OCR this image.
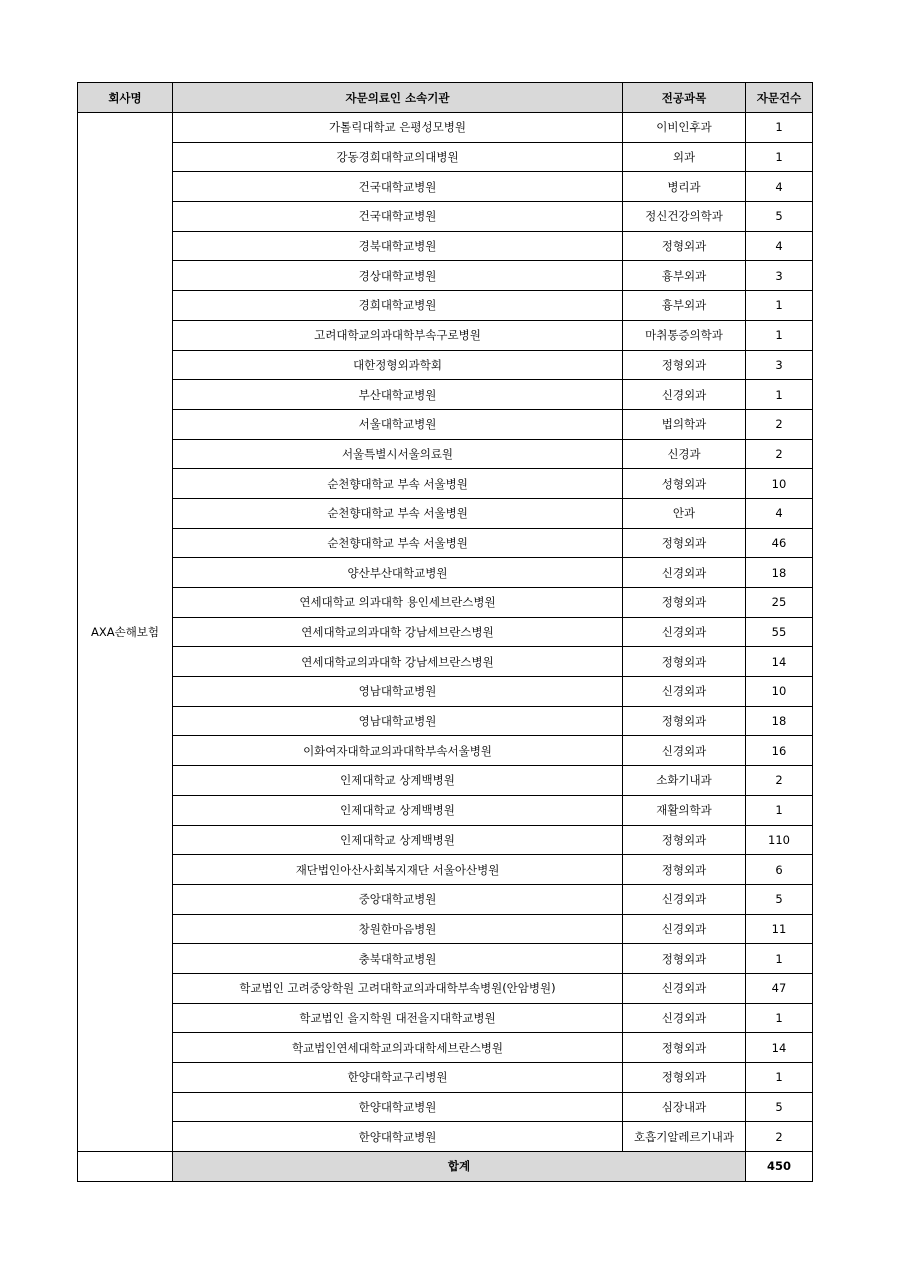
회사명	자문의료인 소속기관	전공과목	자문건수
AXA손해보험	가톨릭대학교 은평성모병원	이비인후과	1
	강동경희대학교의대병원	외과	1
	건국대학교병원	병리과	4
	건국대학교병원	정신건강의학과	5
	경북대학교병원	정형외과	4
	경상대학교병원	흉부외과	3
	경희대학교병원	흉부외과	1
	고려대학교의과대학부속구로병원	마취통증의학과	1
	대한정형외과학회	정형외과	3
	부산대학교병원	신경외과	1
	서울대학교병원	법의학과	2
	서울특별시서울의료원	신경과	2
	순천향대학교 부속 서울병원	성형외과	10
	순천향대학교 부속 서울병원	안과	4
	순천향대학교 부속 서울병원	정형외과	46
	양산부산대학교병원	신경외과	18
	연세대학교 의과대학 용인세브란스병원	정형외과	25
	연세대학교의과대학 강남세브란스병원	신경외과	55
	연세대학교의과대학 강남세브란스병원	정형외과	14
	영남대학교병원	신경외과	10
	영남대학교병원	정형외과	18
	이화여자대학교의과대학부속서울병원	신경외과	16
	인제대학교 상계백병원	소화기내과	2
	인제대학교 상계백병원	재활의학과	1
	인제대학교 상계백병원	정형외과	110
	재단법인아산사회복지재단 서울아산병원	정형외과	6
	중앙대학교병원	신경외과	5
	창원한마음병원	신경외과	11
	충북대학교병원	정형외과	1
	학교법인 고려중앙학원 고려대학교의과대학부속병원(안암병원)	신경외과	47
	학교법인 을지학원 대전을지대학교병원	신경외과	1
	학교법인연세대학교의과대학세브란스병원	정형외과	14
	한양대학교구리병원	정형외과	1
	한양대학교병원	심장내과	5
	한양대학교병원	호흡기알레르기내과	2
	합계		450
